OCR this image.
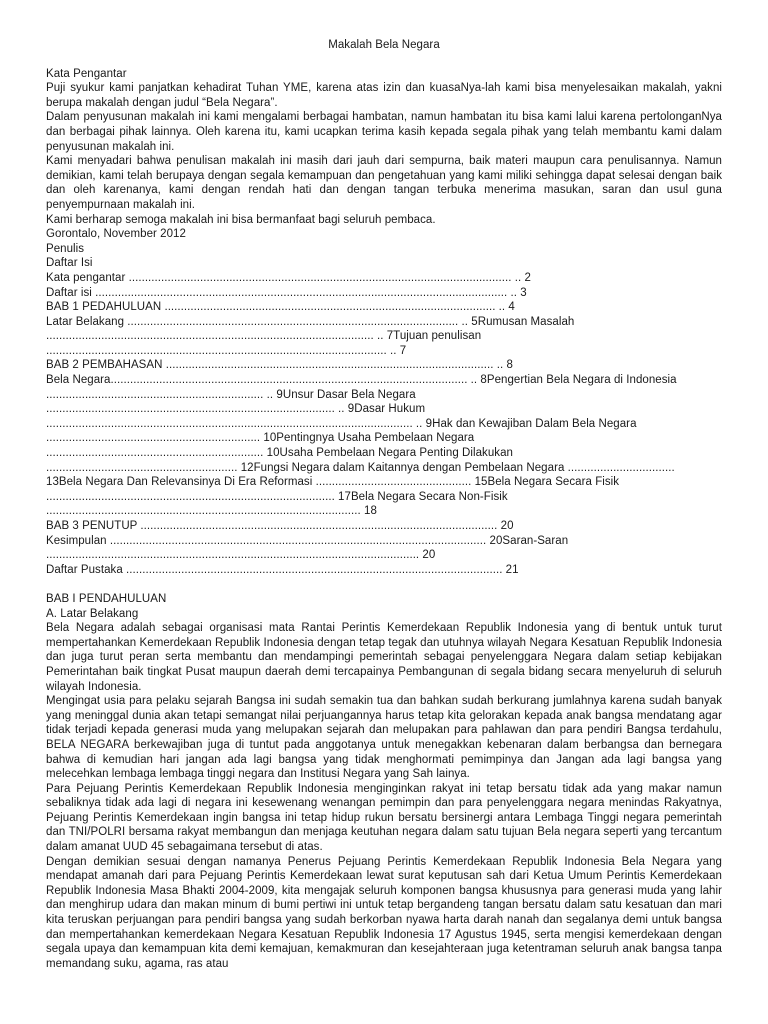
Makalah Bela Negara
Kata Pengantar
Puji syukur kami panjatkan kehadirat Tuhan YME, karena atas izin dan kuasaNya-lah kami bisa menyelesaikan makalah, yakni berupa makalah dengan judul “Bela Negara”.
Dalam penyusunan makalah ini kami mengalami berbagai hambatan, namun hambatan itu bisa kami lalui karena pertolonganNya dan berbagai pihak lainnya. Oleh karena itu, kami ucapkan terima kasih kepada segala pihak yang telah membantu kami dalam penyusunan makalah ini.
Kami menyadari bahwa penulisan makalah ini masih dari jauh dari sempurna, baik materi maupun cara penulisannya. Namun demikian, kami telah berupaya dengan segala kemampuan dan pengetahuan yang kami miliki sehingga dapat selesai dengan baik dan oleh karenanya, kami dengan rendah hati dan dengan tangan terbuka menerima masukan, saran dan usul guna penyempurnaan makalah ini.
Kami berharap semoga makalah ini bisa bermanfaat bagi seluruh pembaca.
Gorontalo, November 2012
Penulis
Daftar Isi
Kata pengantar ...................................................................................................................... .. 2
Daftar isi ............................................................................................................................... .. 3
BAB 1 PEDAHULUAN ...................................................................................................... .. 4
Latar Belakang ...................................................................................................... .. 5Rumusan Masalah
..................................................................................................... .. 7Tujuan penulisan
......................................................................................................... .. 7
BAB 2 PEMBAHASAN ..................................................................................................... .. 8
Bela Negara.............................................................................................................. .. 8Pengertian Bela Negara di Indonesia
................................................................... .. 9Unsur Dasar Bela Negara
......................................................................................... .. 9Dasar Hukum
................................................................................................................. .. 9Hak dan Kewajiban Dalam Bela Negara
.................................................................. 10Pentingnya Usaha Pembelaan Negara
................................................................... 10Usaha Pembelaan Negara Penting Dilakukan
........................................................... 12Fungsi Negara dalam Kaitannya dengan Pembelaan Negara .................................
13Bela Negara Dan Relevansinya Di Era Reformasi ................................................ 15Bela Negara Secara Fisik
......................................................................................... 17Bela Negara Secara Non-Fisik
................................................................................................. 18
BAB 3 PENUTUP .............................................................................................................. 20
Kesimpulan .................................................................................................................... 20Saran-Saran
................................................................................................................... 20
Daftar Pustaka .................................................................................................................... 21
BAB I PENDAHULUAN
A. Latar Belakang
Bela Negara adalah sebagai organisasi mata Rantai Perintis Kemerdekaan Republik Indonesia yang di bentuk untuk turut mempertahankan Kemerdekaan Republik Indonesia dengan tetap tegak dan utuhnya wilayah Negara Kesatuan Republik Indonesia dan juga turut peran serta membantu dan mendampingi pemerintah sebagai penyelenggara Negara dalam setiap kebijakan Pemerintahan baik tingkat Pusat maupun daerah demi tercapainya Pembangunan di segala bidang secara menyeluruh di seluruh wilayah Indonesia.
Mengingat usia para pelaku sejarah Bangsa ini sudah semakin tua dan bahkan sudah berkurang jumlahnya karena sudah banyak yang meninggal dunia akan tetapi semangat nilai perjuangannya harus tetap kita gelorakan kepada anak bangsa mendatang agar tidak terjadi kepada generasi muda yang melupakan sejarah dan melupakan para pahlawan dan para pendiri Bangsa terdahulu, BELA NEGARA berkewajiban juga di tuntut pada anggotanya untuk menegakkan kebenaran dalam berbangsa dan bernegara bahwa di kemudian hari jangan ada lagi bangsa yang tidak menghormati pemimpinya dan Jangan ada lagi bangsa yang melecehkan lembaga lembaga tinggi negara dan Institusi Negara yang Sah lainya.
Para Pejuang Perintis Kemerdekaan Republik Indonesia menginginkan rakyat ini tetap bersatu tidak ada yang makar namun sebaliknya tidak ada lagi di negara ini kesewenang wenangan pemimpin dan para penyelenggara negara menindas Rakyatnya, Pejuang Perintis Kemerdekaan ingin bangsa ini tetap hidup rukun bersatu bersinergi antara Lembaga Tinggi negara pemerintah dan TNI/POLRI bersama rakyat membangun dan menjaga keutuhan negara dalam satu tujuan Bela negara seperti yang tercantum dalam amanat UUD 45 sebagaimana tersebut di atas.
Dengan demikian sesuai dengan namanya Penerus Pejuang Perintis Kemerdekaan Republik Indonesia Bela Negara yang mendapat amanah dari para Pejuang Perintis Kemerdekaan lewat surat keputusan sah dari Ketua Umum Perintis Kemerdekaan Republik Indonesia Masa Bhakti 2004-2009, kita mengajak seluruh komponen bangsa khususnya para generasi muda yang lahir dan menghirup udara dan makan minum di bumi pertiwi ini untuk tetap bergandeng tangan bersatu dalam satu kesatuan dan mari kita teruskan perjuangan para pendiri bangsa yang sudah berkorban nyawa harta darah nanah dan segalanya demi untuk bangsa dan mempertahankan kemerdekaan Negara Kesatuan Republik Indonesia 17 Agustus 1945, serta mengisi kemerdekaan dengan segala upaya dan kemampuan kita demi kemajuan, kemakmuran dan kesejahteraan juga ketentraman seluruh anak bangsa tanpa memandang suku, agama, ras atau
